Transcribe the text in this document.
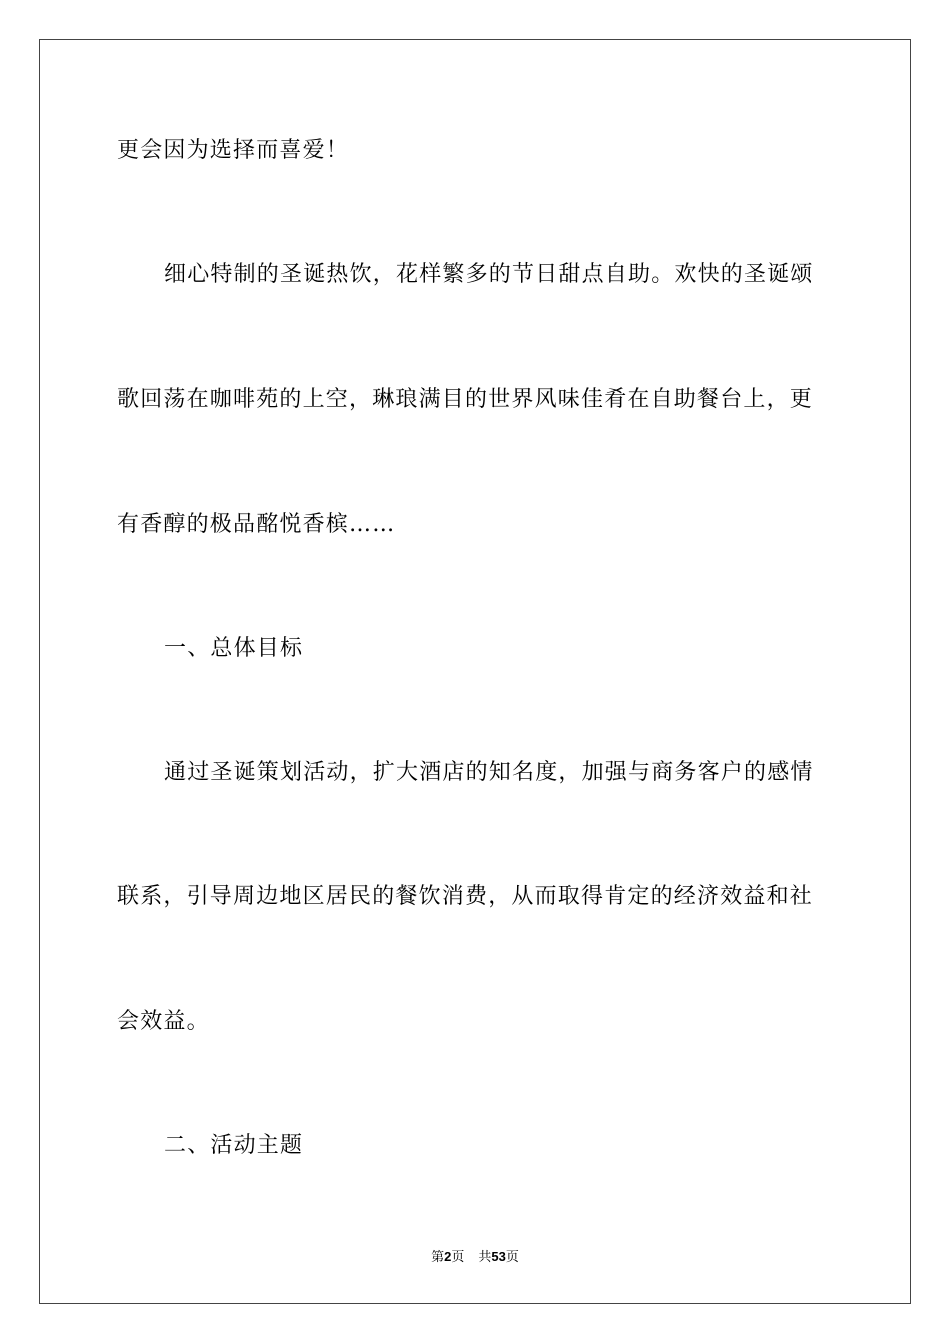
更会因为选择而喜爱！
细心特制的圣诞热饮，花样繁多的节日甜点自助。欢快的圣诞颂
歌回荡在咖啡苑的上空，琳琅满目的世界风味佳肴在自助餐台上，更
有香醇的极品酩悦香槟……
一、总体目标
通过圣诞策划活动，扩大酒店的知名度，加强与商务客户的感情
联系，引导周边地区居民的餐饮消费，从而取得肯定的经济效益和社
会效益。
二、活动主题
第2页 共53页
